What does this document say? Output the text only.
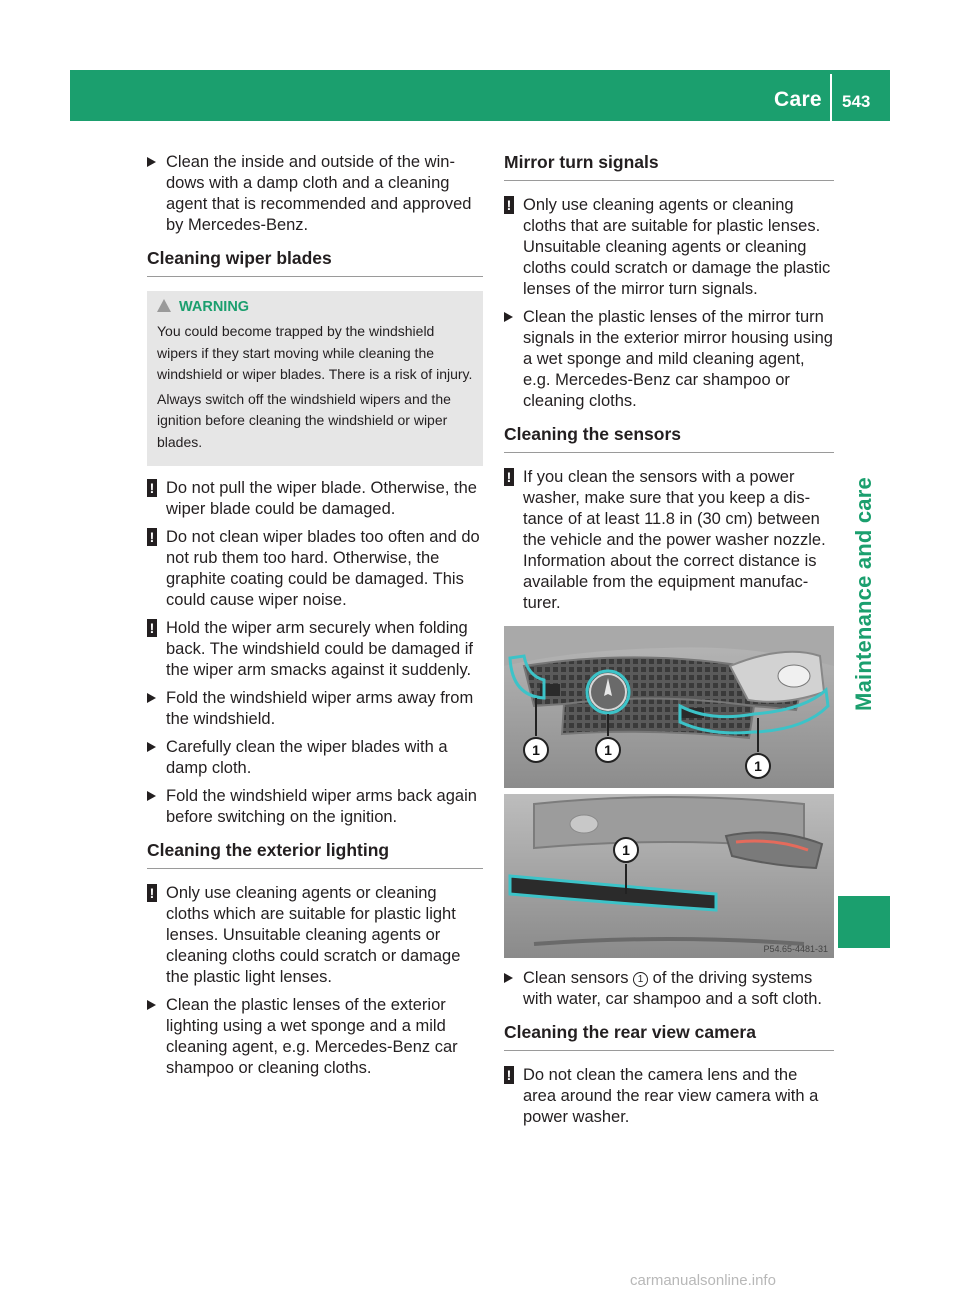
Care 543
Maintenance and care

Clean the inside and outside of the win- dows with a damp cloth and a cleaning agent that is recommended and approved by Mercedes-Benz.

Cleaning wiper blades
WARNING

You could become trapped by the windshield wipers if they start moving while cleaning the windshield or wiper blades. There is a risk of injury.

Always switch off the windshield wipers and the ignition before cleaning the windshield or wiper blades.

! Do not pull the wiper blade. Otherwise, the wiper blade could be damaged.

! Do not clean wiper blades too often and do not rub them too hard. Otherwise, the graphite coating could be damaged. This could cause wiper noise.

! Hold the wiper arm securely when folding back. The windshield could be damaged if the wiper arm smacks against it suddenly.

Fold the windshield wiper arms away from the windshield.

Carefully clean the wiper blades with a damp cloth.

Fold the windshield wiper arms back again before switching on the ignition.

Cleaning the exterior lighting

! Only use cleaning agents or cleaning cloths which are suitable for plastic light lenses. Unsuitable cleaning agents or cleaning cloths could scratch or damage the plastic light lenses.

Clean the plastic lenses of the exterior lighting using a wet sponge and a mild cleaning agent, e.g. Mercedes-Benz car shampoo or cleaning cloths.

Mirror turn signals

! Only use cleaning agents or cleaning cloths that are suitable for plastic lenses. Unsuitable cleaning agents or cleaning cloths could scratch or damage the plastic lenses of the mirror turn signals.

Clean the plastic lenses of the mirror turn signals in the exterior mirror housing using a wet sponge and mild cleaning agent, e.g. Mercedes-Benz car shampoo or cleaning cloths.

Cleaning the sensors

! If you clean the sensors with a power washer, make sure that you keep a dis- tance of at least 11.8 in (30 cm) between the vehicle and the power washer nozzle. Information about the correct distance is available from the equipment manufac- turer.

1	1
1
1
P54.65-4481-31

Clean sensors 1 of the driving systems with water, car shampoo and a soft cloth.

Cleaning the rear view camera

! Do not clean the camera lens and the area around the rear view camera with a power washer.

carmanualsonline.info
